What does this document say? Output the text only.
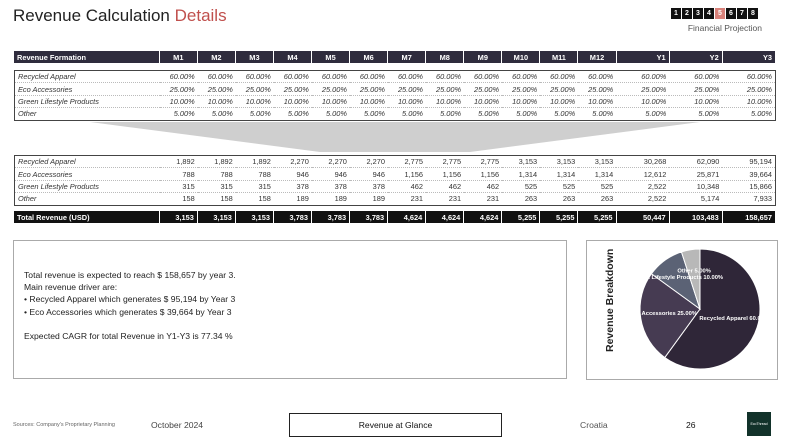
Revenue Calculation Details	1	2	3	4	5	6	7	8
Financial Projection
Revenue Formation	M1	M2	M3	M4	M5	M6	M7	M8	M9	M10	M11	M12	Y1	Y2	Y3
Recycled Apparel	60.00%	60.00%	60.00%	60.00%	60.00%	60.00%	60.00%	60.00%	60.00%	60.00%	60.00%	60.00%	60.00%	60.00%	60.00%
Eco Accessories	25.00%	25.00%	25.00%	25.00%	25.00%	25.00%	25.00%	25.00%	25.00%	25.00%	25.00%	25.00%	25.00%	25.00%	25.00%
Green Lifestyle Products	10.00%	10.00%	10.00%	10.00%	10.00%	10.00%	10.00%	10.00%	10.00%	10.00%	10.00%	10.00%	10.00%	10.00%	10.00%
Other	5.00%	5.00%	5.00%	5.00%	5.00%	5.00%	5.00%	5.00%	5.00%	5.00%	5.00%	5.00%	5.00%	5.00%	5.00%
Recycled Apparel	1,892	1,892	1,892	2,270	2,270	2,270	2,775	2,775	2,775	3,153	3,153	3,153	30,268	62,090	95,194
Eco Accessories	788	788	788	946	946	946	1,156	1,156	1,156	1,314	1,314	1,314	12,612	25,871	39,664
Green Lifestyle Products	315	315	315	378	378	378	462	462	462	525	525	525	2,522	10,348	15,866
Other	158	158	158	189	189	189	231	231	231	263	263	263	2,522	5,174	7,933
Total Revenue (USD)	3,153	3,153	3,153	3,783	3,783	3,783	4,624	4,624	4,624	5,255	5,255	5,255	50,447	103,483	158,657
Total revenue is expected to reach $ 158,657 by year 3.
Main revenue driver are:
• Recycled Apparel which generates $ 95,194 by Year 3
• Eco Accessories which generates $ 39,664 by Year 3
Expected CAGR for total Revenue in Y1-Y3 is 77.34 %	Revenue Breakdown	Recycled Apparel 60.00%
Eco Accessories 25.00%
Green Lifestyle Products 10.00%
Other 5.00%
Sources: Company's Proprietary Planning	October 2024	Revenue at Glance	Croatia	26	EcoThread
